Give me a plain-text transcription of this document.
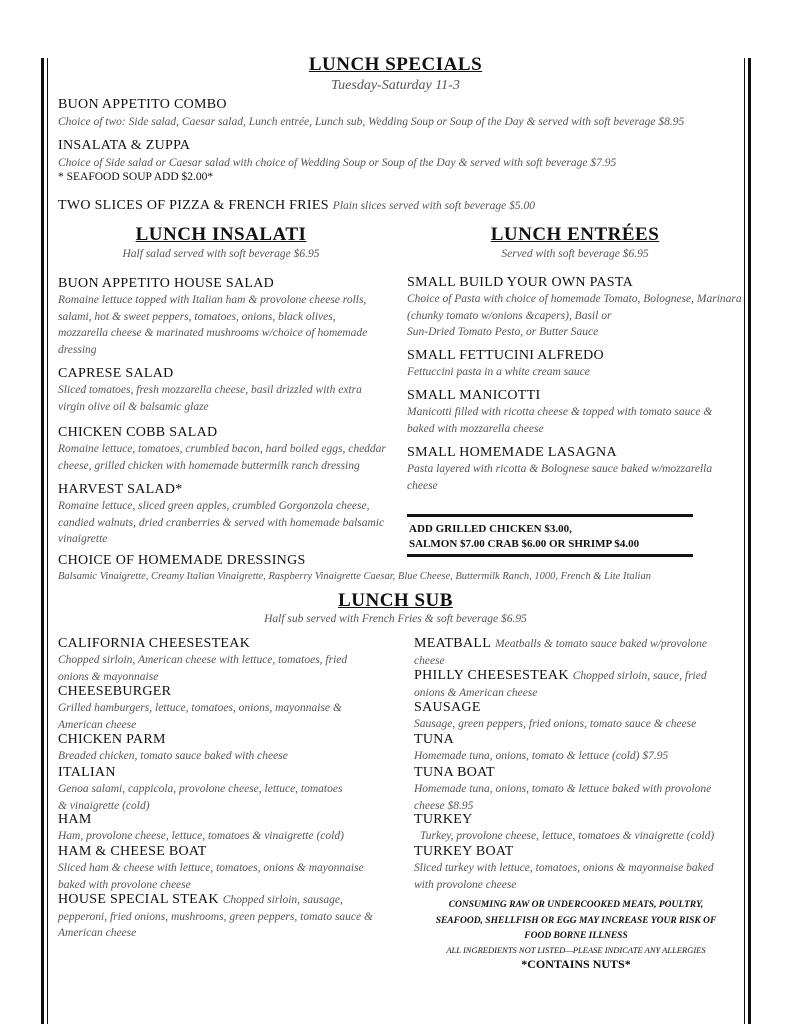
LUNCH SPECIALS
Tuesday-Saturday 11-3
BUON APPETITO COMBO
Choice of two: Side salad, Caesar salad, Lunch entrée, Lunch sub, Wedding Soup or Soup of the Day & served with soft beverage $8.95
INSALATA & ZUPPA
Choice of Side salad or Caesar salad with choice of Wedding Soup or Soup of the Day & served with soft beverage $7.95
* SEAFOOD SOUP ADD $2.00*
TWO SLICES OF PIZZA & FRENCH FRIES Plain slices served with soft beverage $5.00
LUNCH INSALATI
Half salad served with soft beverage $6.95
BUON APPETITO HOUSE SALAD
Romaine lettuce topped with Italian ham & provolone cheese rolls,
salami, hot & sweet peppers, tomatoes, onions, black olives,
mozzarella cheese & marinated mushrooms w/choice of homemade
dressing
CAPRESE SALAD
Sliced tomatoes, fresh mozzarella cheese, basil drizzled with extra
virgin olive oil & balsamic glaze
CHICKEN COBB SALAD
Romaine lettuce, tomatoes, crumbled bacon, hard boiled eggs, cheddar
cheese, grilled chicken with homemade buttermilk ranch dressing
HARVEST SALAD*
Romaine lettuce, sliced green apples, crumbled Gorgonzola cheese,
candied walnuts, dried cranberries & served with homemade balsamic
vinaigrette
LUNCH ENTRÉES
Served with soft beverage $6.95
SMALL BUILD YOUR OWN PASTA
Choice of Pasta with choice of homemade Tomato, Bolognese, Marinara
(chunky tomato w/onions &capers), Basil or
Sun-Dried Tomato Pesto, or Butter Sauce
SMALL FETTUCINI ALFREDO
Fettuccini pasta in a white cream sauce
SMALL MANICOTTI
Manicotti filled with ricotta cheese & topped with tomato sauce &
baked with mozzarella cheese
SMALL HOMEMADE LASAGNA
Pasta layered with ricotta & Bolognese sauce baked w/mozzarella
cheese
ADD GRILLED CHICKEN $3.00,
SALMON $7.00 CRAB $6.00 OR SHRIMP $4.00
CHOICE OF HOMEMADE DRESSINGS
Balsamic Vinaigrette, Creamy Italian Vinaigrette, Raspberry Vinaigrette Caesar, Blue Cheese, Buttermilk Ranch, 1000, French & Lite Italian
LUNCH SUB
Half sub served with French Fries & soft beverage $6.95
CALIFORNIA CHEESESTEAK
Chopped sirloin, American cheese with lettuce, tomatoes, fried
onions & mayonnaise
CHEESEBURGER
Grilled hamburgers, lettuce, tomatoes, onions, mayonnaise &
American cheese
CHICKEN PARM
Breaded chicken, tomato sauce baked with cheese
ITALIAN
Genoa salami, cappicola, provolone cheese, lettuce, tomatoes
& vinaigrette (cold)
HAM
Ham, provolone cheese, lettuce, tomatoes & vinaigrette (cold)
HAM & CHEESE BOAT
Sliced ham & cheese with lettuce, tomatoes, onions & mayonnaise
baked with provolone cheese
HOUSE SPECIAL STEAK Chopped sirloin, sausage,
pepperoni, fried onions, mushrooms, green peppers, tomato sauce &
American cheese
MEATBALL Meatballs & tomato sauce baked w/provolone
cheese
PHILLY CHEESESTEAK Chopped sirloin, sauce, fried
onions & American cheese
SAUSAGE
Sausage, green peppers, fried onions, tomato sauce & cheese
TUNA
Homemade tuna, onions, tomato & lettuce (cold) $7.95
TUNA BOAT
Homemade tuna, onions, tomato & lettuce baked with provolone
cheese $8.95
TURKEY
Turkey, provolone cheese, lettuce, tomatoes & vinaigrette (cold)
TURKEY BOAT
Sliced turkey with lettuce, tomatoes, onions & mayonnaise baked
with provolone cheese
CONSUMING RAW OR UNDERCOOKED MEATS, POULTRY,
SEAFOOD, SHELLFISH OR EGG MAY INCREASE YOUR RISK OF
FOOD BORNE ILLNESS
ALL INGREDIENTS NOT LISTED—PLEASE INDICATE ANY ALLERGIES
*CONTAINS NUTS*
